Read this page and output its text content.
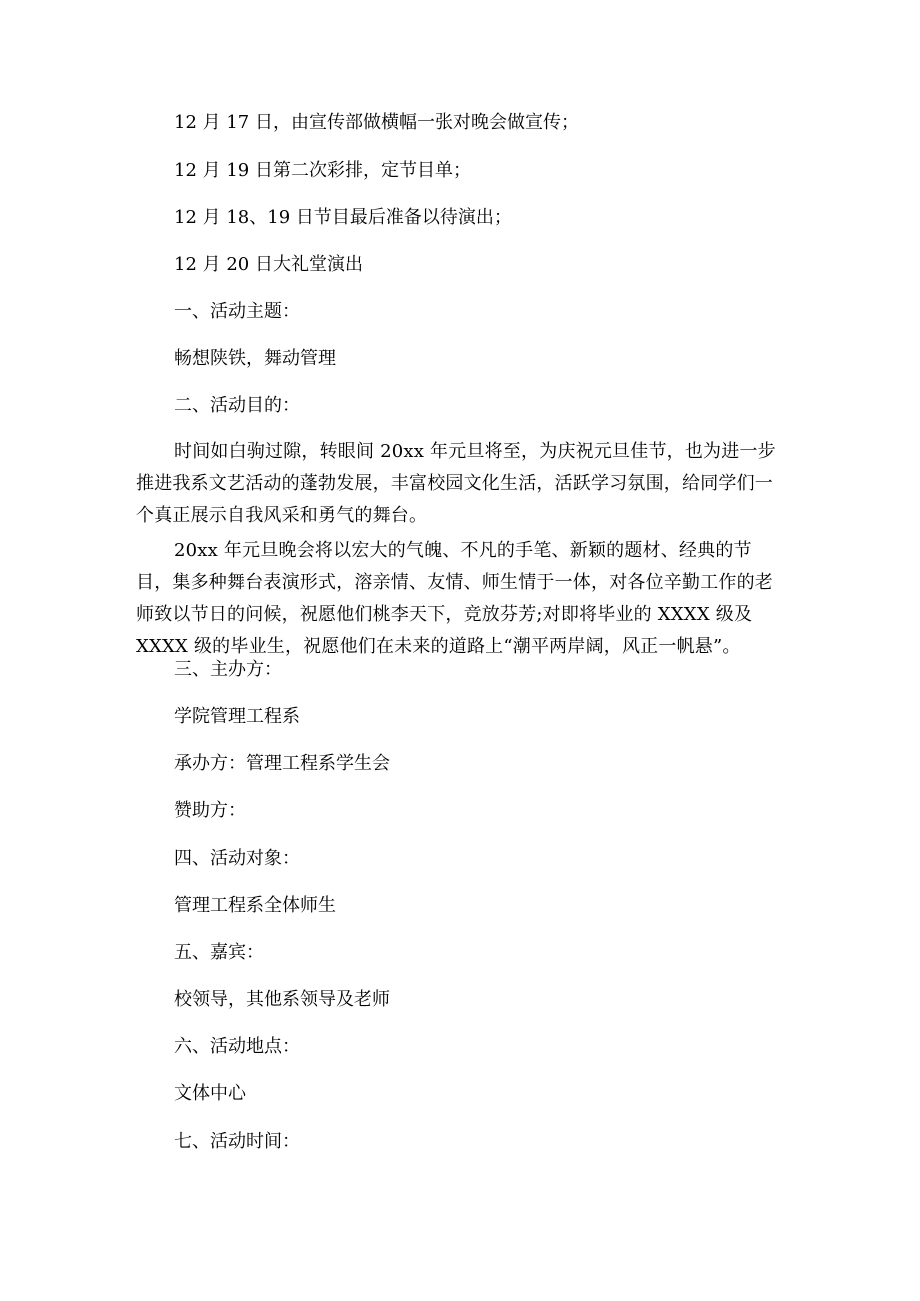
12 月 17 日，由宣传部做横幅一张对晚会做宣传；

12 月 19 日第二次彩排，定节目单；

12 月 18、19 日节目最后准备以待演出；

12 月 20 日大礼堂演出

一、活动主题：

畅想陕铁，舞动管理

二、活动目的：

时间如白驹过隙，转眼间 20xx 年元旦将至，为庆祝元旦佳节，也为进一步推进我系文艺活动的蓬勃发展，丰富校园文化生活，活跃学习氛围，给同学们一个真正展示自我风采和勇气的舞台。

20xx 年元旦晚会将以宏大的气魄、不凡的手笔、新颖的题材、经典的节目，集多种舞台表演形式，溶亲情、友情、师生情于一体，对各位辛勤工作的老师致以节日的问候，祝愿他们桃李天下，竞放芬芳;对即将毕业的 XXXX 级及 XXXX 级的毕业生，祝愿他们在未来的道路上“潮平两岸阔，风正一帆悬”。

三、主办方：

学院管理工程系

承办方：管理工程系学生会

赞助方：

四、活动对象：

管理工程系全体师生

五、嘉宾：

校领导，其他系领导及老师

六、活动地点：

文体中心

七、活动时间：
